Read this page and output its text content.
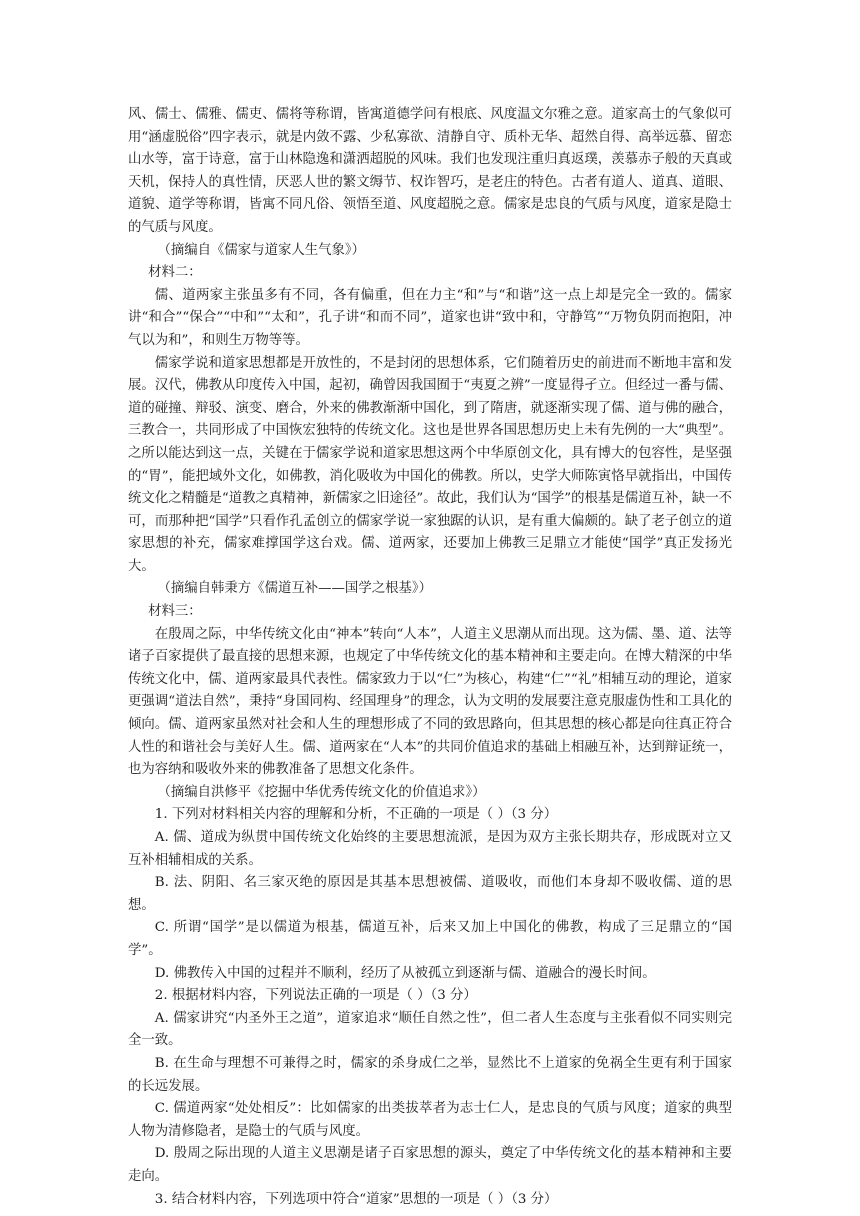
风、儒士、儒雅、儒吏、儒将等称谓，皆寓道德学问有根底、风度温文尔雅之意。道家高士的气象似可用“涵虚脱俗”四字表示，就是内敛不露、少私寡欲、清静自守、质朴无华、超然自得、高举远慕、留恋山水等，富于诗意，富于山林隐逸和潇洒超脱的风味。我们也发现注重归真返璞，羡慕赤子般的天真或天机，保持人的真性情，厌恶人世的繁文缛节、权诈智巧，是老庄的特色。古者有道人、道真、道眼、道貌、道学等称谓，皆寓不同凡俗、领悟至道、风度超脱之意。儒家是忠良的气质与风度，道家是隐士的气质与风度。

（摘编自《儒家与道家人生气象》）

材料二：

儒、道两家主张虽多有不同，各有偏重，但在力主“和”与“和谐”这一点上却是完全一致的。儒家讲“和合”“保合”“中和”“太和”，孔子讲“和而不同”，道家也讲“致中和，守静笃”“万物负阴而抱阳，冲气以为和”，和则生万物等等。

儒家学说和道家思想都是开放性的，不是封闭的思想体系，它们随着历史的前进而不断地丰富和发展。汉代，佛教从印度传入中国，起初，确曾因我国囿于“夷夏之辨”一度显得孑立。但经过一番与儒、道的碰撞、辩驳、演变、磨合，外来的佛教渐渐中国化，到了隋唐，就逐渐实现了儒、道与佛的融合，三教合一，共同形成了中国恢宏独特的传统文化。这也是世界各国思想历史上未有先例的一大“典型”。之所以能达到这一点，关键在于儒家学说和道家思想这两个中华原创文化，具有博大的包容性，是坚强的“胃”，能把域外文化，如佛教，消化吸收为中国化的佛教。所以，史学大师陈寅恪早就指出，中国传统文化之精髓是“道教之真精神，新儒家之旧途径”。故此，我们认为“国学”的根基是儒道互补，缺一不可，而那种把“国学”只看作孔孟创立的儒家学说一家独踞的认识，是有重大偏颇的。缺了老子创立的道家思想的补充，儒家难撑国学这台戏。儒、道两家，还要加上佛教三足鼎立才能使“国学”真正发扬光大。

（摘编自韩秉方《儒道互补——国学之根基》）

材料三：

在殷周之际，中华传统文化由“神本”转向“人本”，人道主义思潮从而出现。这为儒、墨、道、法等诸子百家提供了最直接的思想来源，也规定了中华传统文化的基本精神和主要走向。在博大精深的中华传统文化中，儒、道两家最具代表性。儒家致力于以“仁”为核心，构建“仁”“礼”相辅互动的理论，道家更强调“道法自然”，秉持“身国同构、经国理身”的理念，认为文明的发展要注意克服虚伪性和工具化的倾向。儒、道两家虽然对社会和人生的理想形成了不同的致思路向，但其思想的核心都是向往真正符合人性的和谐社会与美好人生。儒、道两家在“人本”的共同价值追求的基础上相融互补，达到辩证统一，也为容纳和吸收外来的佛教准备了思想文化条件。

（摘编自洪修平《挖掘中华优秀传统文化的价值追求》）

1. 下列对材料相关内容的理解和分析，不正确的一项是（ ）（3 分）

A. 儒、道成为纵贯中国传统文化始终的主要思想流派，是因为双方主张长期共存，形成既对立又互补相辅相成的关系。

B. 法、阴阳、名三家灭绝的原因是其基本思想被儒、道吸收，而他们本身却不吸收儒、道的思想。

C. 所谓“国学”是以儒道为根基，儒道互补，后来又加上中国化的佛教，构成了三足鼎立的“国学”。

D. 佛教传入中国的过程并不顺利，经历了从被孤立到逐渐与儒、道融合的漫长时间。

2. 根据材料内容，下列说法正确的一项是（ ）（3 分）

A. 儒家讲究“内圣外王之道”，道家追求“顺任自然之性”，但二者人生态度与主张看似不同实则完全一致。

B. 在生命与理想不可兼得之时，儒家的杀身成仁之举，显然比不上道家的免祸全生更有利于国家的长远发展。

C. 儒道两家“处处相反”：比如儒家的出类拔萃者为志士仁人，是忠良的气质与风度；道家的典型人物为清修隐者，是隐士的气质与风度。

D. 殷周之际出现的人道主义思潮是诸子百家思想的源头，奠定了中华传统文化的基本精神和主要走向。

3. 结合材料内容，下列选项中符合“道家”思想的一项是（ ）（3 分）
